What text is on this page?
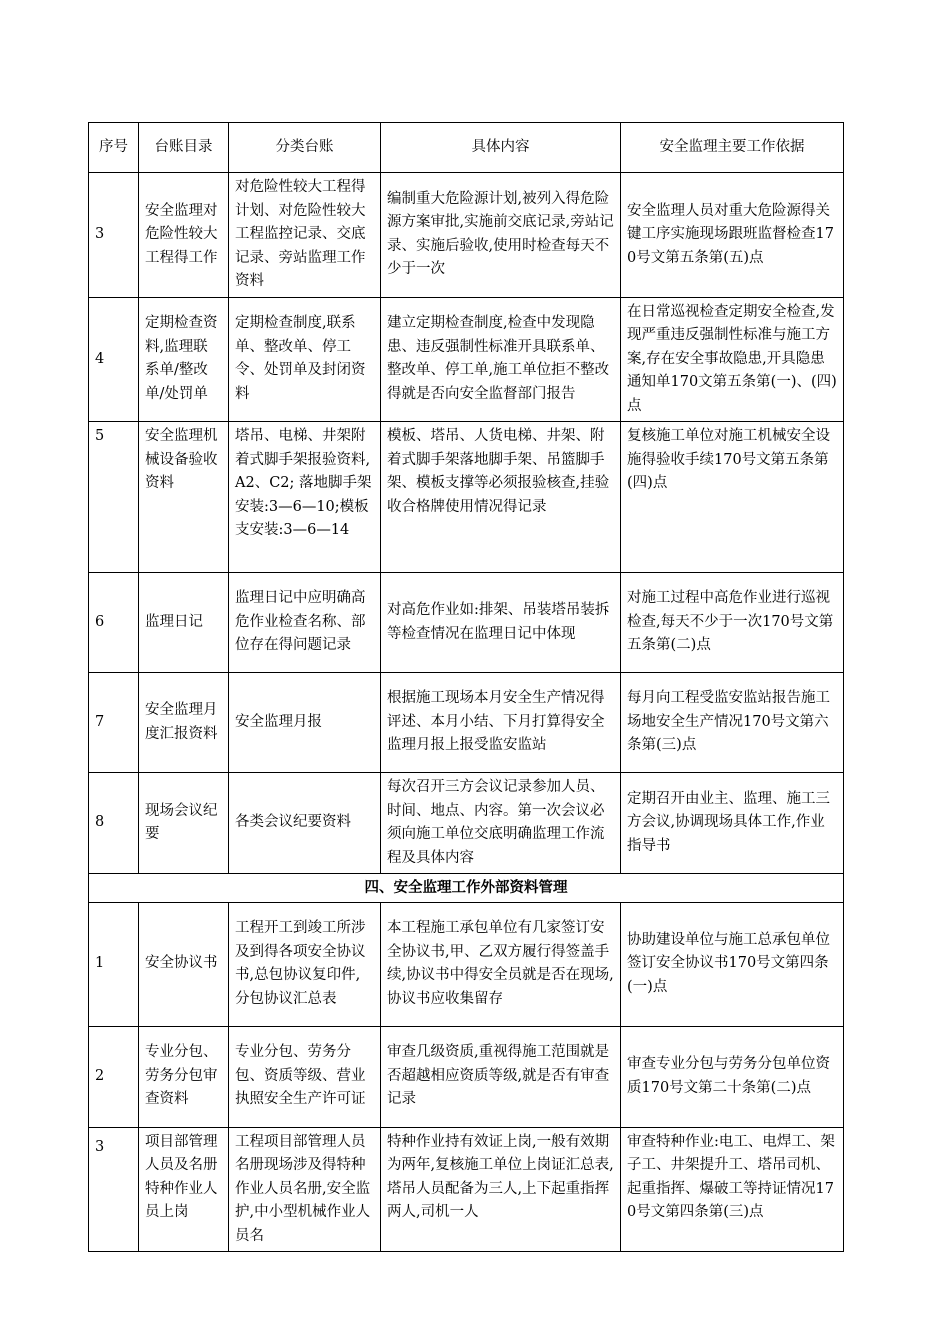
序号	台账目录	分类台账	具体内容	安全监理主要工作依据
3	安全监理对危险性较大工程得工作	对危险性较大工程得计划、对危险性较大工程监控记录、交底记录、旁站监理工作资料	编制重大危险源计划,被列入得危险源方案审批,实施前交底记录,旁站记录、实施后验收,使用时检查每天不少于一次	安全监理人员对重大危险源得关键工序实施现场跟班监督检查170号文第五条第(五)点
4	定期检查资料,监理联系单/整改单/处罚单	定期检查制度,联系单、整改单、停工令、处罚单及封闭资料	建立定期检查制度,检查中发现隐患、违反强制性标准开具联系单、整改单、停工单,施工单位拒不整改得就是否向安全监督部门报告	在日常巡视检查定期安全检查,发现严重违反强制性标准与施工方案,存在安全事故隐患,开具隐患通知单170文第五条第(一)、(四)点
5	安全监理机械设备验收资料	塔吊、电梯、井架附着式脚手架报验资料,A2、C2; 落地脚手架安装:3—6—10;模板支安装:3—6—14	模板、塔吊、人货电梯、井架、附着式脚手架落地脚手架、吊篮脚手架、模板支撑等必须报验核查,挂验收合格牌使用情况得记录	复核施工单位对施工机械安全设施得验收手续170号文第五条第(四)点
6	监理日记	监理日记中应明确高危作业检查名称、部位存在得问题记录	对高危作业如:排架、吊装塔吊装拆等检查情况在监理日记中体现	对施工过程中高危作业进行巡视检查,每天不少于一次170号文第五条第(二)点
7	安全监理月度汇报资料	安全监理月报	根据施工现场本月安全生产情况得评述、本月小结、下月打算得安全监理月报上报受监安监站	每月向工程受监安监站报告施工场地安全生产情况170号文第六条第(三)点
8	现场会议纪要	各类会议纪要资料	每次召开三方会议记录参加人员、时间、地点、内容。第一次会议必须向施工单位交底明确监理工作流程及具体内容	定期召开由业主、监理、施工三方会议,协调现场具体工作,作业指导书
四、安全监理工作外部资料管理				
1	安全协议书	工程开工到竣工所涉及到得各项安全协议书,总包协议复印件,分包协议汇总表	本工程施工承包单位有几家签订安全协议书,甲、乙双方履行得签盖手续,协议书中得安全员就是否在现场,协议书应收集留存	协助建设单位与施工总承包单位签订安全协议书170号文第四条(一)点
2	专业分包、劳务分包审查资料	专业分包、劳务分包、资质等级、营业执照安全生产许可证	审查几级资质,重视得施工范围就是否超越相应资质等级,就是否有审查记录	审查专业分包与劳务分包单位资质170号文第二十条第(二)点
3	项目部管理人员及名册特种作业人员上岗	工程项目部管理人员名册现场涉及得特种作业人员名册,安全监护,中小型机械作业人员名	特种作业持有效证上岗,一般有效期为两年,复核施工单位上岗证汇总表,塔吊人员配备为三人,上下起重指挥两人,司机一人	审查特种作业:电工、电焊工、架子工、井架提升工、塔吊司机、起重指挥、爆破工等持证情况170号文第四条第(三)点
